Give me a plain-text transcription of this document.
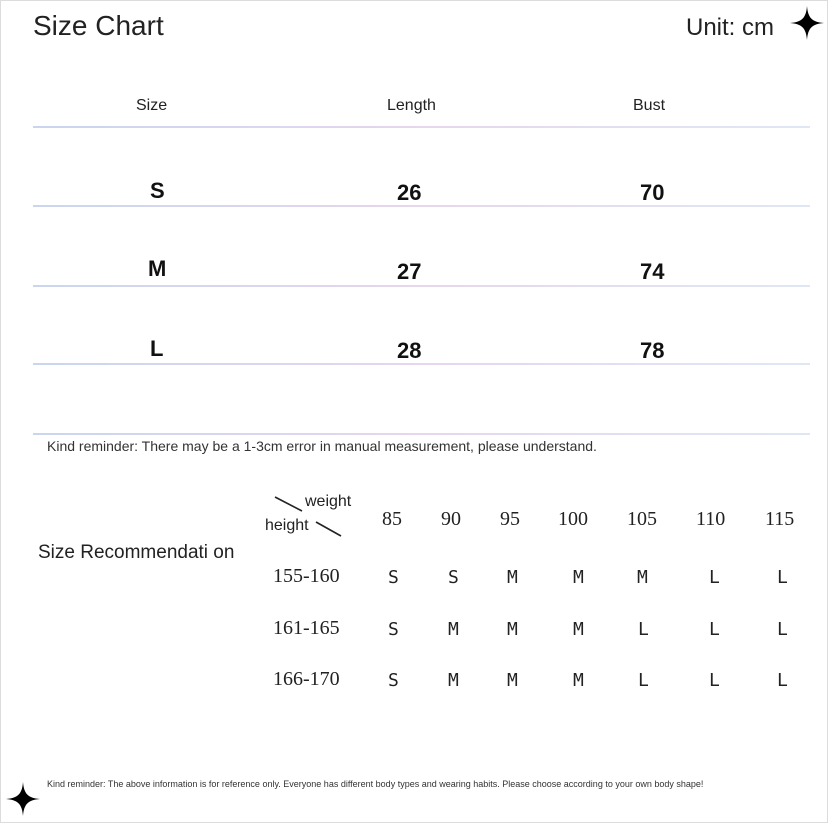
Size Chart	Unit: cm
Size	Length	Bust
S	26	70
M	27	74
L	28	78
Kind reminder: There may be a 1-3cm error in manual measurement, please understand.
Size Recommendati on
weight
height	85 90 95 100 105 110 115
155-160	S	S	M	M	M	L	L
161-165	S	M	M	M	L	L	L
166-170	S	M	M	M	L	L	L
Kind reminder: The above information is for reference only. Everyone has different body types and wearing habits. Please choose according to your own body shape!
